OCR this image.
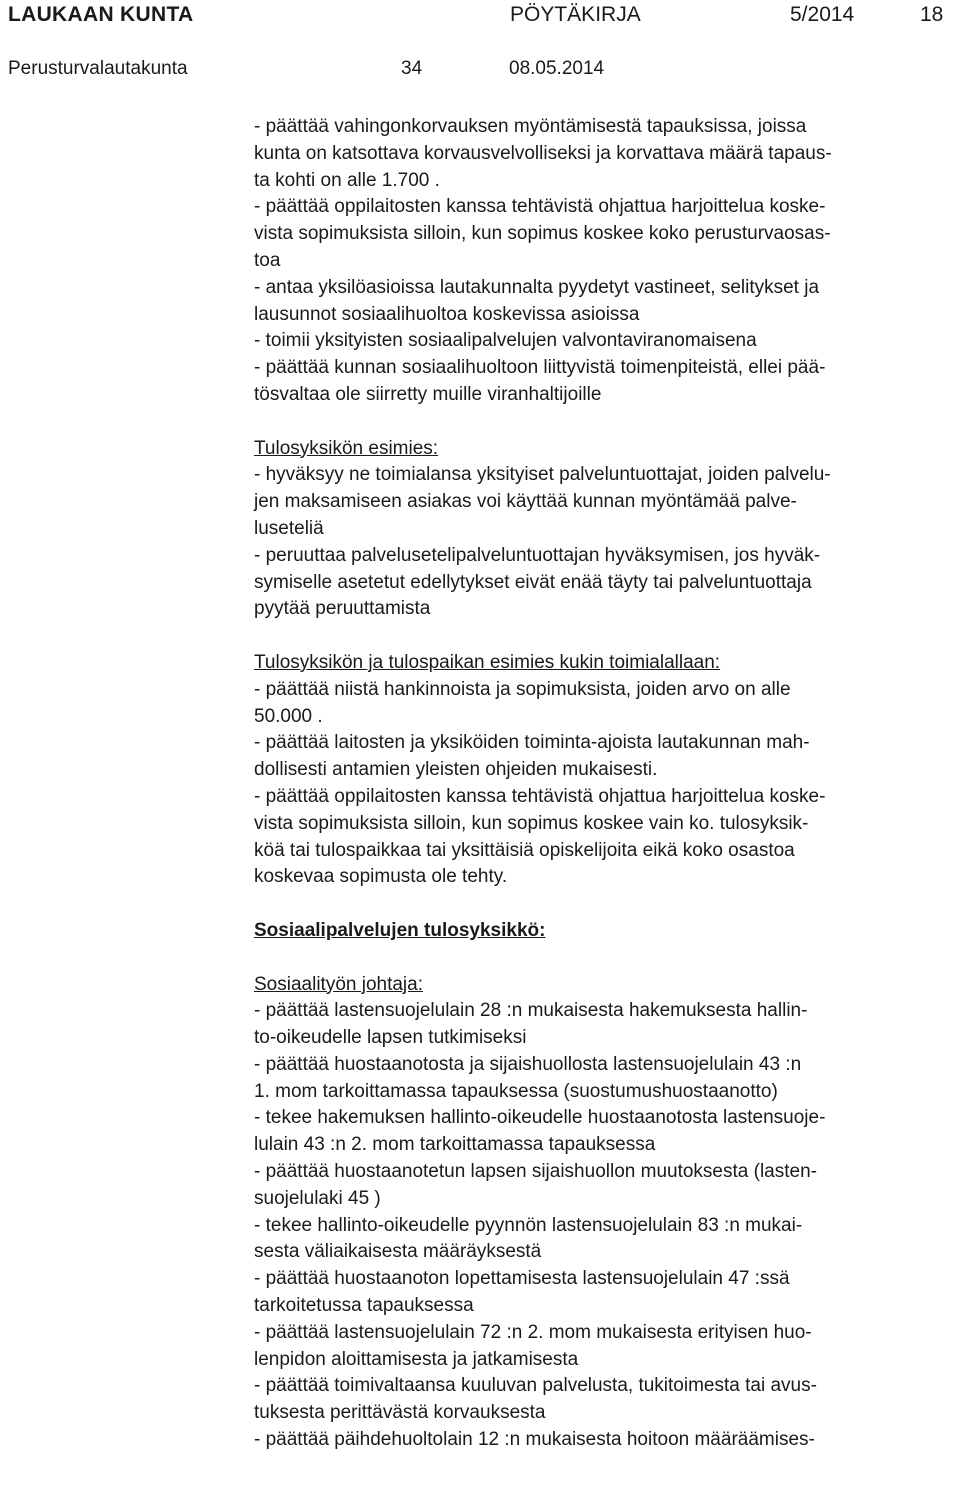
LAUKAAN KUNTA	PÖYTÄKIRJA	5/2014	18
Perusturvalautakunta	34	08.05.2014
- päättää vahingonkorvauksen myöntämisestä tapauksissa, joissa
kunta on katsottava korvausvelvolliseksi ja korvattava määrä tapaus-
ta kohti on alle 1.700 .
- päättää oppilaitosten kanssa tehtävistä ohjattua harjoittelua koske-
vista sopimuksista silloin, kun sopimus koskee koko perusturvaosas-
toa
- antaa yksilöasioissa lautakunnalta pyydetyt vastineet, selitykset ja
lausunnot sosiaalihuoltoa koskevissa asioissa
- toimii yksityisten sosiaalipalvelujen valvontaviranomaisena
- päättää kunnan sosiaalihuoltoon liittyvistä toimenpiteistä, ellei pää-
tösvaltaa ole siirretty muille viranhaltijoille
Tulosyksikön esimies:
- hyväksyy ne toimialansa yksityiset palveluntuottajat, joiden palvelu-
jen maksamiseen asiakas voi käyttää kunnan myöntämää palve-
luseteliä
- peruuttaa palvelusetelipalveluntuottajan hyväksymisen, jos hyväk-
symiselle asetetut edellytykset eivät enää täyty tai palveluntuottaja
pyytää peruuttamista
Tulosyksikön ja tulospaikan esimies kukin toimialallaan:
- päättää niistä hankinnoista ja sopimuksista, joiden arvo on alle
50.000 .
- päättää laitosten ja yksiköiden toiminta-ajoista lautakunnan mah-
dollisesti antamien yleisten ohjeiden mukaisesti.
- päättää oppilaitosten kanssa tehtävistä ohjattua harjoittelua koske-
vista sopimuksista silloin, kun sopimus koskee vain ko. tulosyksik-
köä tai tulospaikkaa tai yksittäisiä opiskelijoita eikä koko osastoa
koskevaa sopimusta ole tehty.
Sosiaalipalvelujen tulosyksikkö:
Sosiaalityön johtaja:
- päättää lastensuojelulain 28 :n mukaisesta hakemuksesta hallin-
to-oikeudelle lapsen tutkimiseksi
- päättää huostaanotosta ja sijaishuollosta lastensuojelulain 43 :n
1. mom tarkoittamassa tapauksessa (suostumushuostaanotto)
- tekee hakemuksen hallinto-oikeudelle huostaanotosta lastensuoje-
lulain 43 :n 2. mom tarkoittamassa tapauksessa
- päättää huostaanotetun lapsen sijaishuollon muutoksesta (lasten-
suojelulaki 45 )
- tekee hallinto-oikeudelle pyynnön lastensuojelulain 83 :n mukai-
sesta väliaikaisesta määräyksestä
- päättää huostaanoton lopettamisesta lastensuojelulain 47 :ssä
tarkoitetussa tapauksessa
- päättää lastensuojelulain 72 :n 2. mom mukaisesta erityisen huo-
lenpidon aloittamisesta ja jatkamisesta
- päättää toimivaltaansa kuuluvan palvelusta, tukitoimesta tai avus-
tuksesta perittävästä korvauksesta
- päättää päihdehuoltolain 12 :n mukaisesta hoitoon määräämises-
